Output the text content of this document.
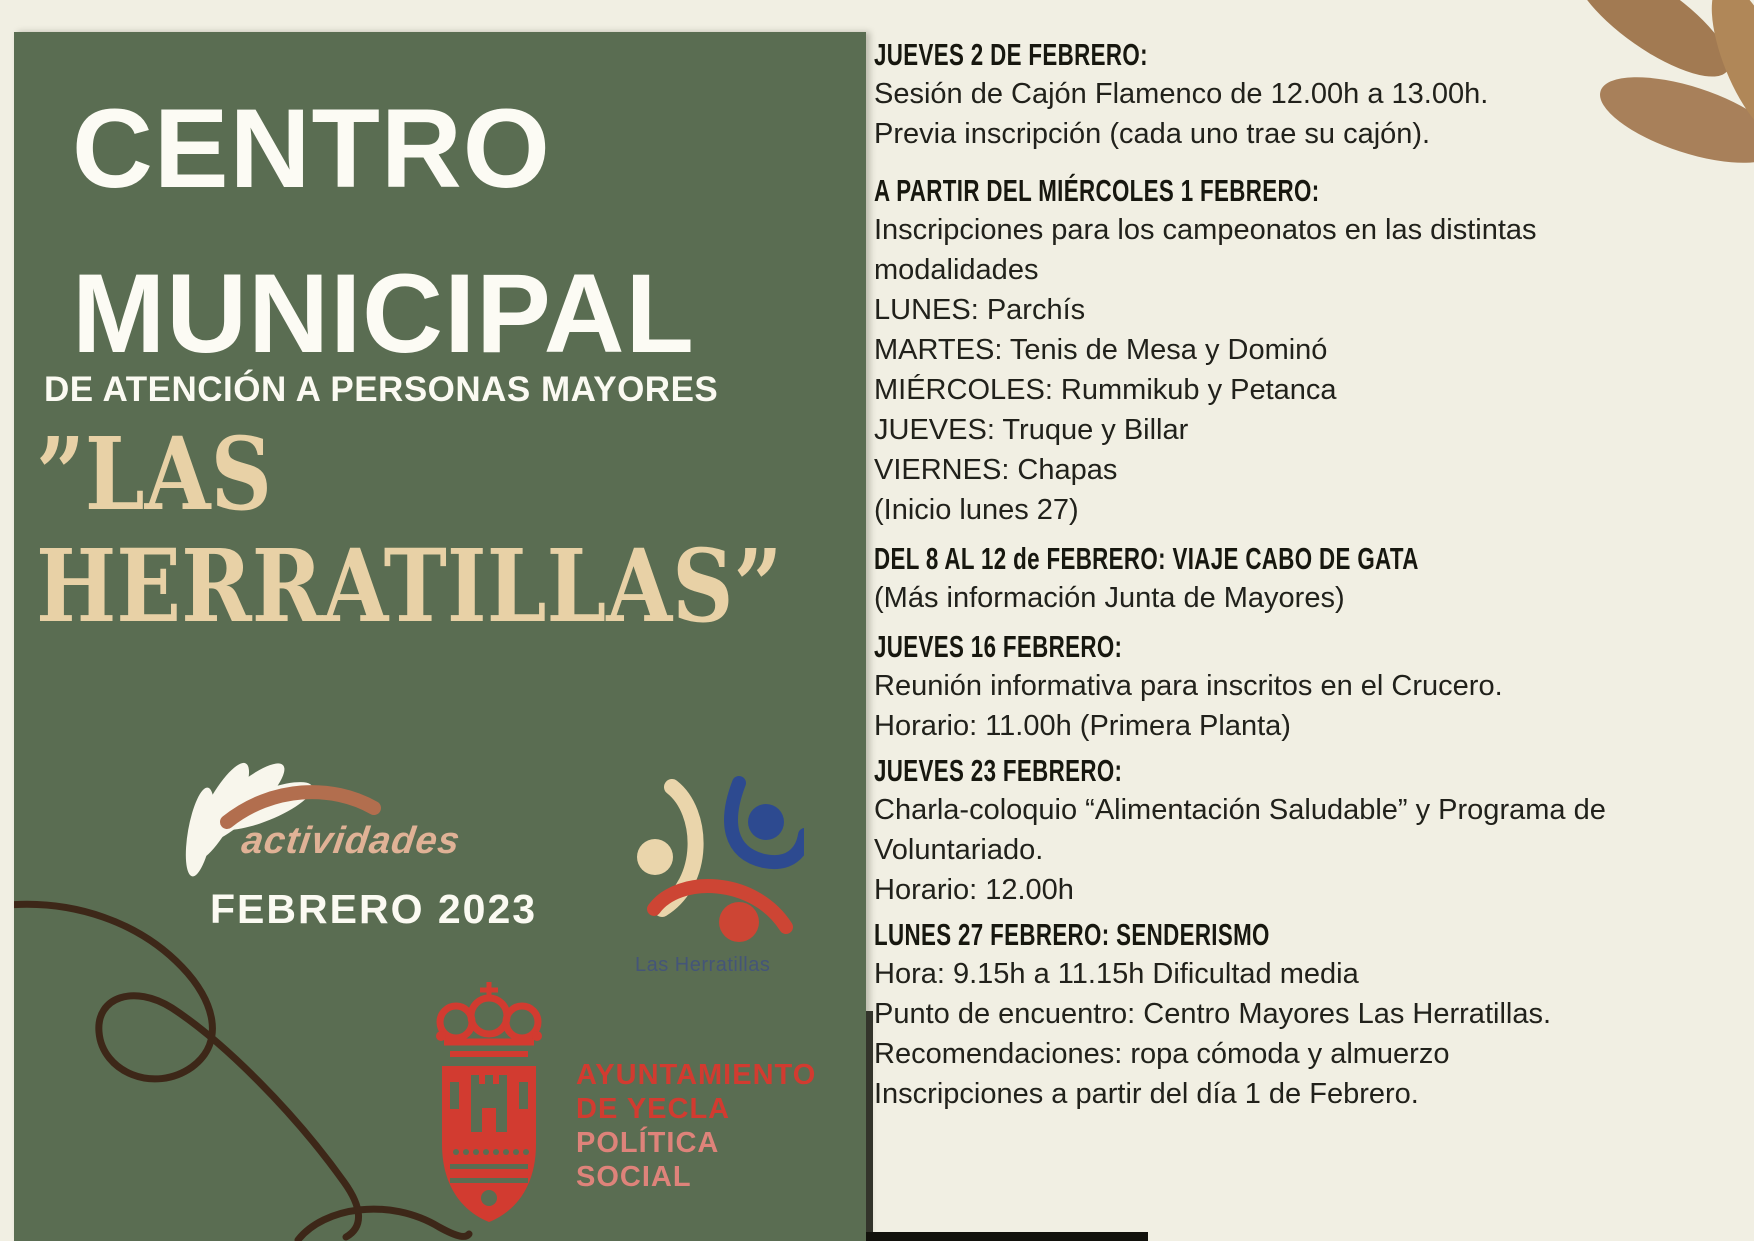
CENTRO
MUNICIPAL
DE ATENCIÓN A PERSONAS MAYORES
”LAS
HERRATILLAS”
actividades
FEBRERO 2023
Las Herratillas
AYUNTAMIENTO
DE YECLA
POLÍTICA
SOCIAL
JUEVES 2 DE FEBRERO:
Sesión de Cajón Flamenco de 12.00h a 13.00h.
Previa inscripción (cada uno trae su cajón).
A PARTIR DEL MIÉRCOLES 1 FEBRERO:
Inscripciones para los campeonatos en las distintas
modalidades
LUNES: Parchís
MARTES: Tenis de Mesa y Dominó
MIÉRCOLES: Rummikub y Petanca
JUEVES: Truque y Billar
VIERNES: Chapas
(Inicio lunes 27)
DEL 8 AL 12 de FEBRERO: VIAJE CABO DE GATA
(Más información Junta de Mayores)
JUEVES 16 FEBRERO:
Reunión informativa para inscritos en el Crucero.
Horario: 11.00h (Primera Planta)
JUEVES 23 FEBRERO:
Charla-coloquio “Alimentación Saludable” y Programa de
Voluntariado.
Horario: 12.00h
LUNES 27 FEBRERO: SENDERISMO
Hora: 9.15h a 11.15h Dificultad media
Punto de encuentro: Centro Mayores Las Herratillas.
Recomendaciones: ropa cómoda y almuerzo
Inscripciones a partir del día 1 de Febrero.
